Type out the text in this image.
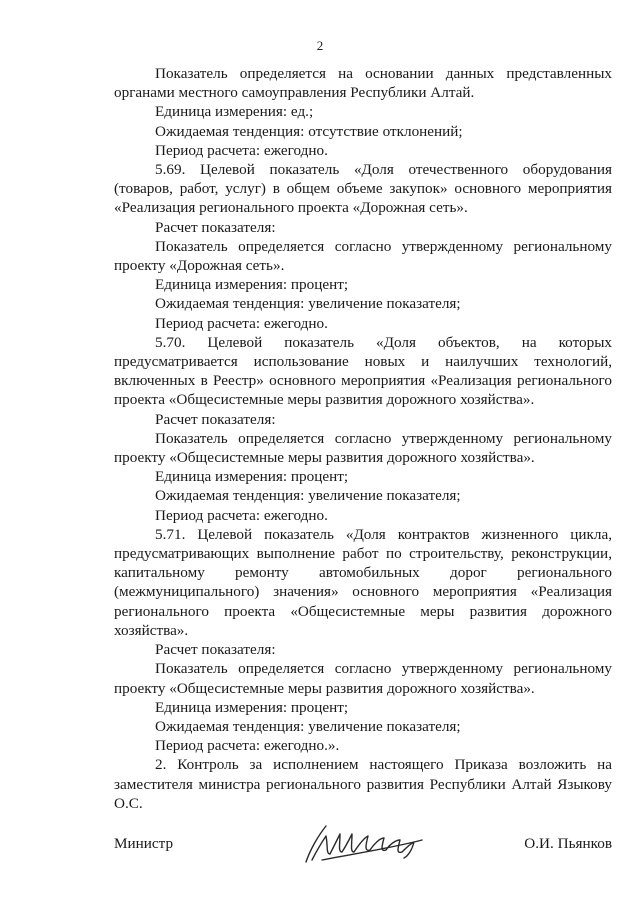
2

Показатель определяется на основании данных представленных органами местного самоуправления Республики Алтай.

Единица измерения: ед.;

Ожидаемая тенденция: отсутствие отклонений;

Период расчета: ежегодно.

5.69. Целевой показатель «Доля отечественного оборудования (товаров, работ, услуг) в общем объеме закупок» основного мероприятия «Реализация регионального проекта «Дорожная сеть».

Расчет показателя:

Показатель определяется согласно утвержденному региональному проекту «Дорожная сеть».

Единица измерения: процент;

Ожидаемая тенденция: увеличение показателя;

Период расчета: ежегодно.

5.70. Целевой показатель «Доля объектов, на которых предусматривается использование новых и наилучших технологий, включенных в Реестр» основного мероприятия «Реализация регионального проекта «Общесистемные меры развития дорожного хозяйства».

Расчет показателя:

Показатель определяется согласно утвержденному региональному проекту «Общесистемные меры развития дорожного хозяйства».

Единица измерения: процент;

Ожидаемая тенденция: увеличение показателя;

Период расчета: ежегодно.

5.71. Целевой показатель «Доля контрактов жизненного цикла, предусматривающих выполнение работ по строительству, реконструкции, капитальному ремонту автомобильных дорог регионального (межмуниципального) значения» основного мероприятия «Реализация регионального проекта «Общесистемные меры развития дорожного хозяйства».

Расчет показателя:

Показатель определяется согласно утвержденному региональному проекту «Общесистемные меры развития дорожного хозяйства».

Единица измерения: процент;

Ожидаемая тенденция: увеличение показателя;

Период расчета: ежегодно.».

2. Контроль за исполнением настоящего Приказа возложить на заместителя министра регионального развития Республики Алтай Языкову О.С.

Министр	О.И. Пьянков
